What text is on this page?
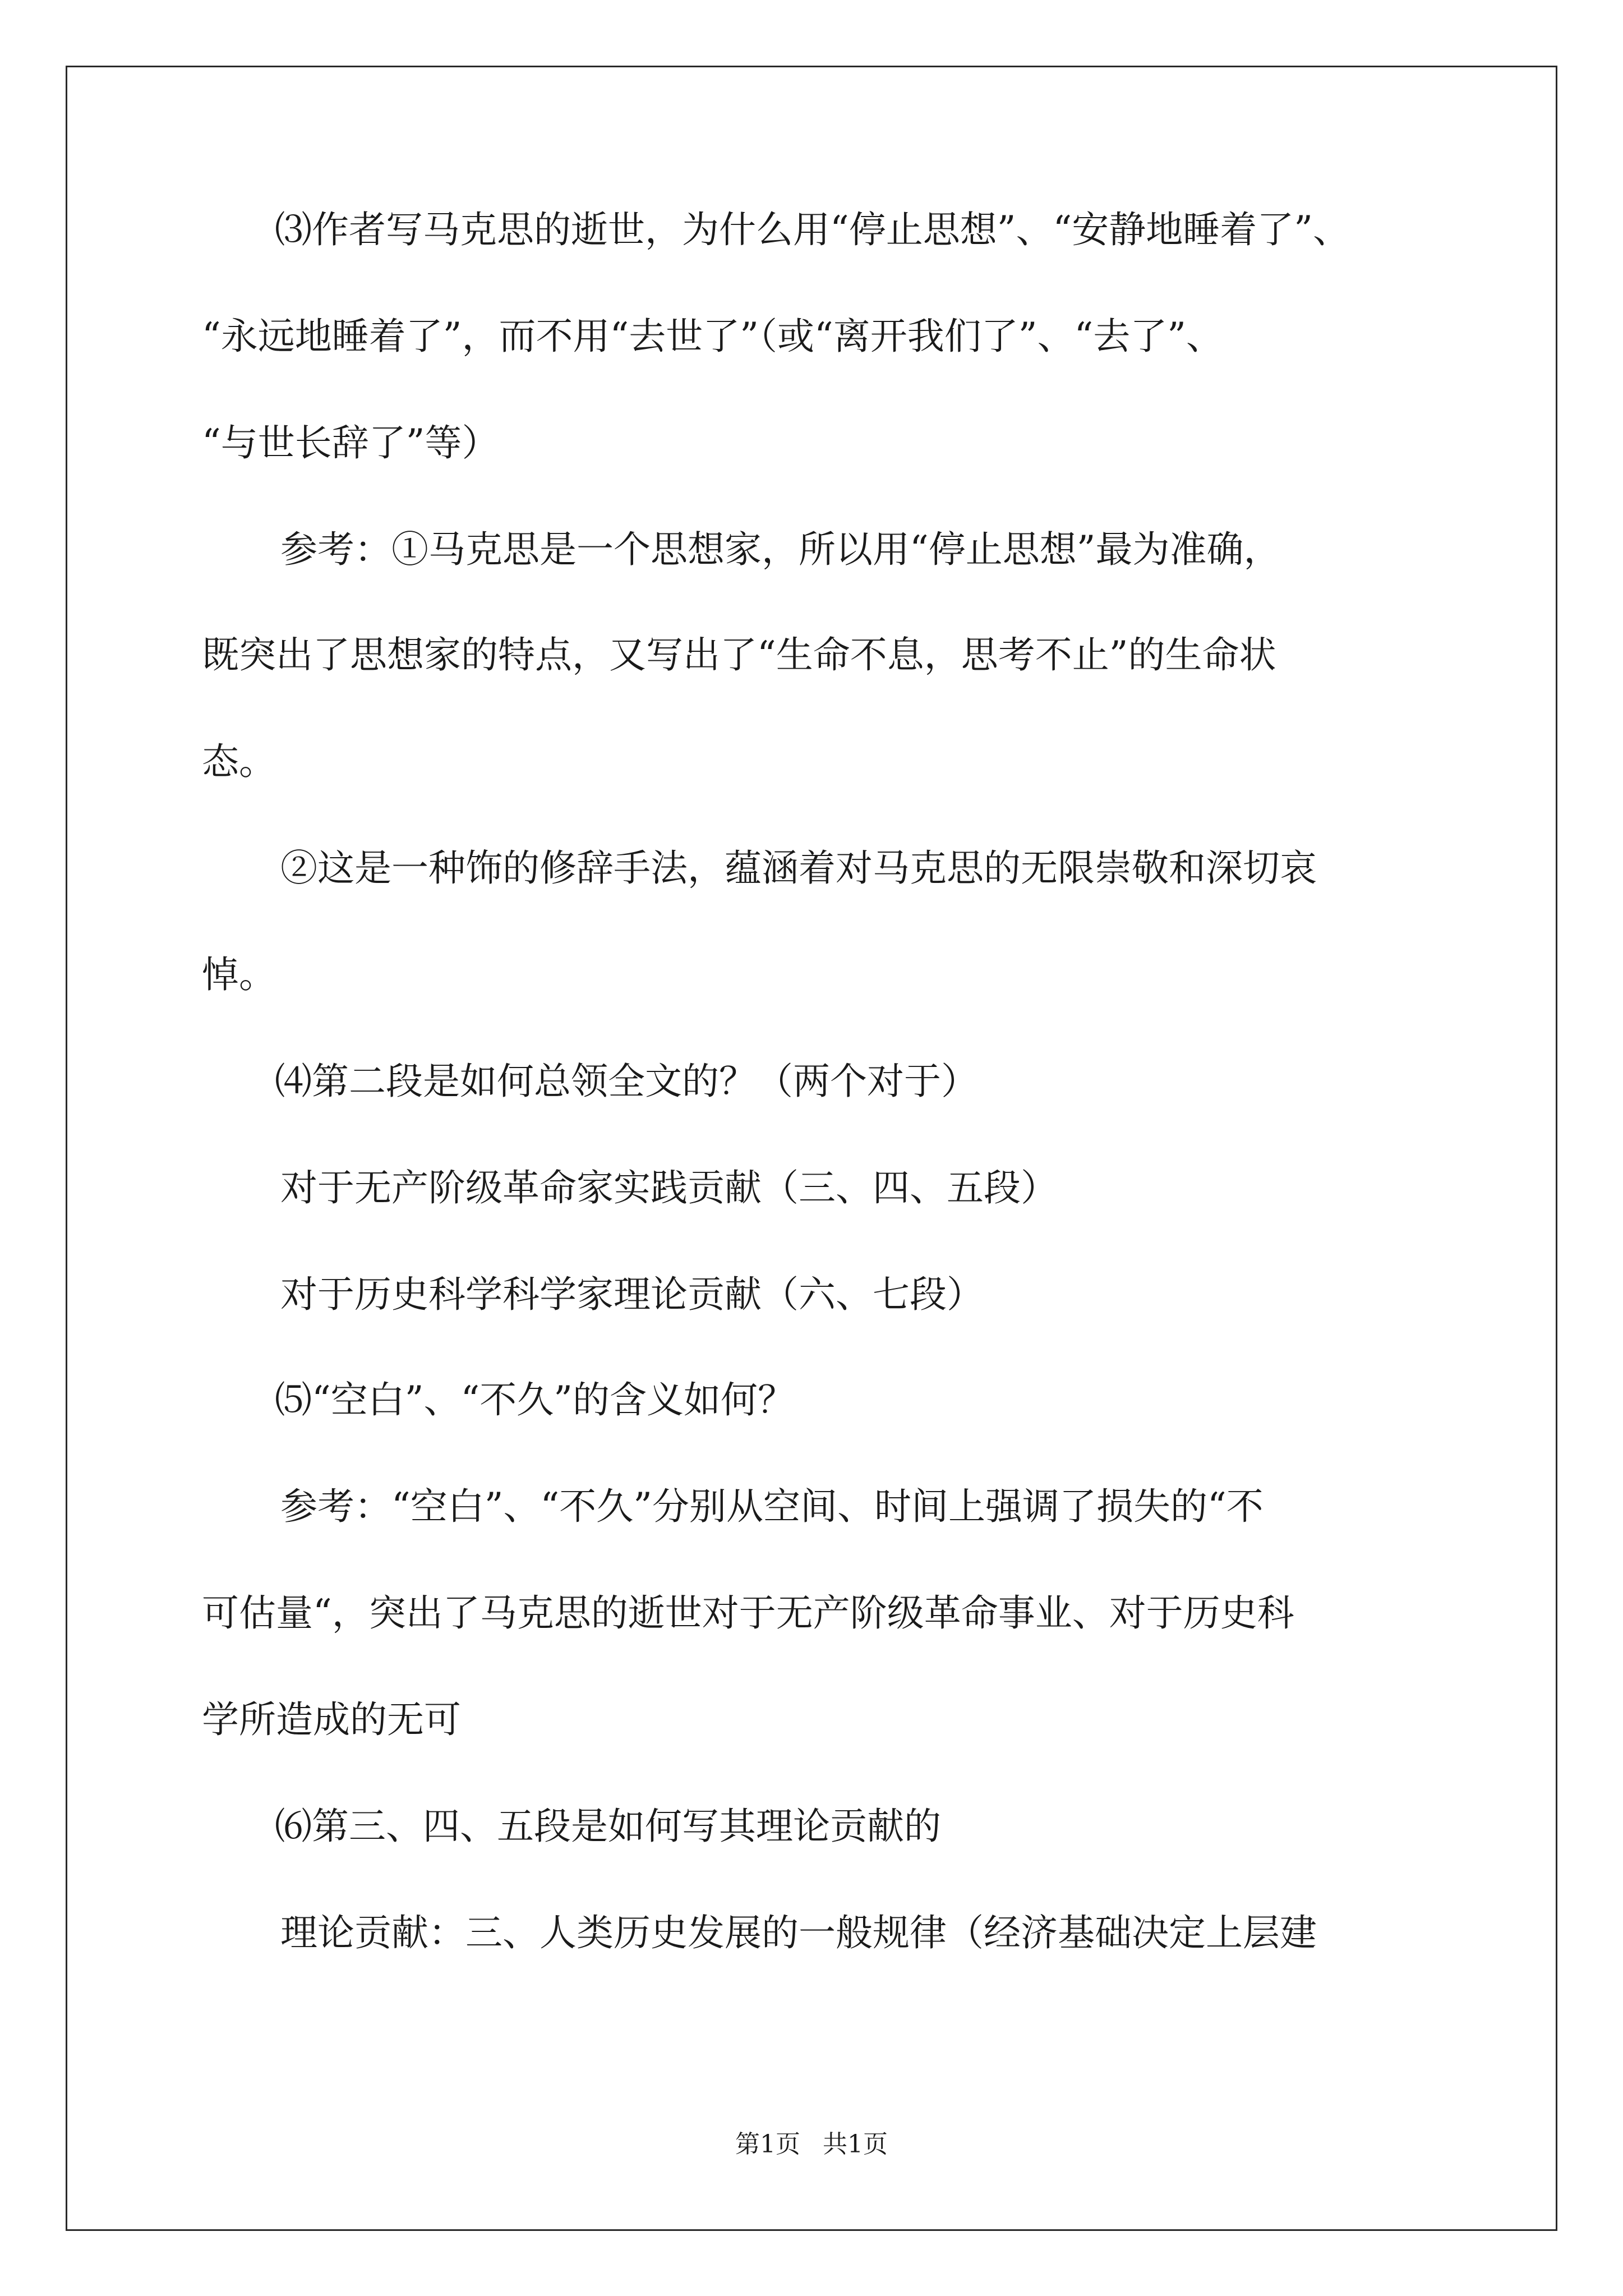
⑶作者写马克思的逝世，为什么用“停止思想”、“安静地睡着了”、
“永远地睡着了”，而不用“去世了”（或“离开我们了”、“去了”、
“与世长辞了”等）
参考：①马克思是一个思想家，所以用“停止思想”最为准确，
既突出了思想家的特点，又写出了“生命不息，思考不止”的生命状
态。
②这是一种饰的修辞手法，蕴涵着对马克思的无限崇敬和深切哀
悼。
⑷第二段是如何总领全文的？（两个对于）
对于无产阶级革命家实践贡献（三、四、五段）
对于历史科学科学家理论贡献（六、七段）
⑸“空白”、“不久”的含义如何？
参考：“空白”、“不久”分别从空间、时间上强调了损失的“不
可估量“，突出了马克思的逝世对于无产阶级革命事业、对于历史科
学所造成的无可
⑹第三、四、五段是如何写其理论贡献的
理论贡献：三、人类历史发展的一般规律（经济基础决定上层建
第1页 共1页
